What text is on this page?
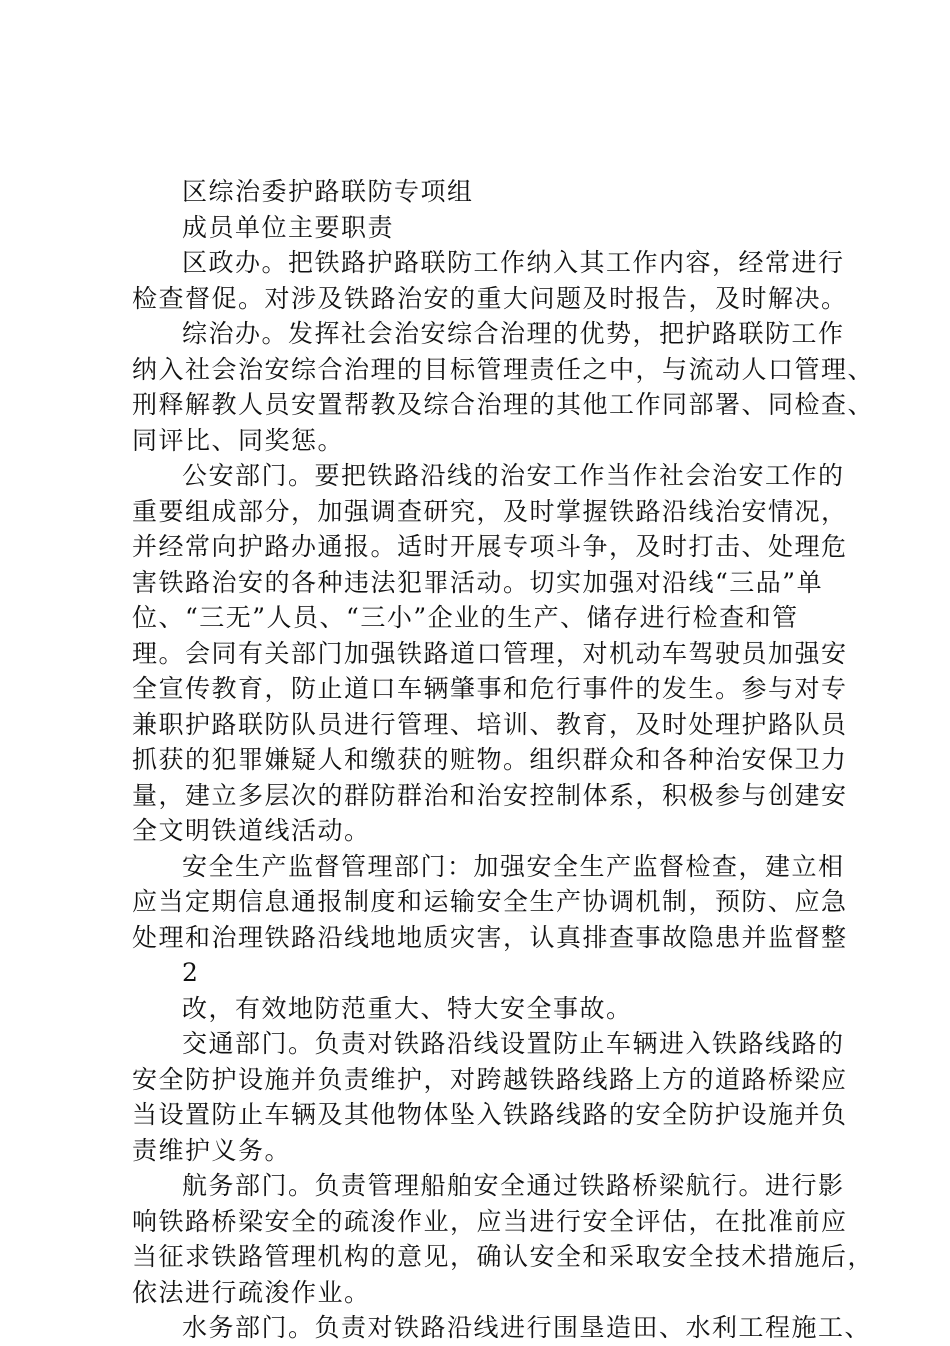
区综治委护路联防专项组
成员单位主要职责
区政办。把铁路护路联防工作纳入其工作内容，经常进行
检查督促。对涉及铁路治安的重大问题及时报告，及时解决。
综治办。发挥社会治安综合治理的优势，把护路联防工作
纳入社会治安综合治理的目标管理责任之中，与流动人口管理、
刑释解教人员安置帮教及综合治理的其他工作同部署、同检查、
同评比、同奖惩。
公安部门。要把铁路沿线的治安工作当作社会治安工作的
重要组成部分，加强调查研究，及时掌握铁路沿线治安情况，
并经常向护路办通报。适时开展专项斗争，及时打击、处理危
害铁路治安的各种违法犯罪活动。切实加强对沿线“三品”单
位、“三无”人员、“三小”企业的生产、储存进行检查和管
理。会同有关部门加强铁路道口管理，对机动车驾驶员加强安
全宣传教育，防止道口车辆肇事和危行事件的发生。参与对专
兼职护路联防队员进行管理、培训、教育，及时处理护路队员
抓获的犯罪嫌疑人和缴获的赃物。组织群众和各种治安保卫力
量，建立多层次的群防群治和治安控制体系，积极参与创建安
全文明铁道线活动。
安全生产监督管理部门：加强安全生产监督检查，建立相
应当定期信息通报制度和运输安全生产协调机制，预防、应急
处理和治理铁路沿线地地质灾害，认真排查事故隐患并监督整
2
改，有效地防范重大、特大安全事故。
交通部门。负责对铁路沿线设置防止车辆进入铁路线路的
安全防护设施并负责维护，对跨越铁路线路上方的道路桥梁应
当设置防止车辆及其他物体坠入铁路线路的安全防护设施并负
责维护义务。
航务部门。负责管理船舶安全通过铁路桥梁航行。进行影
响铁路桥梁安全的疏浚作业，应当进行安全评估，在批准前应
当征求铁路管理机构的意见，确认安全和采取安全技术措施后，
依法进行疏浚作业。
水务部门。负责对铁路沿线进行围垦造田、水利工程施工、
